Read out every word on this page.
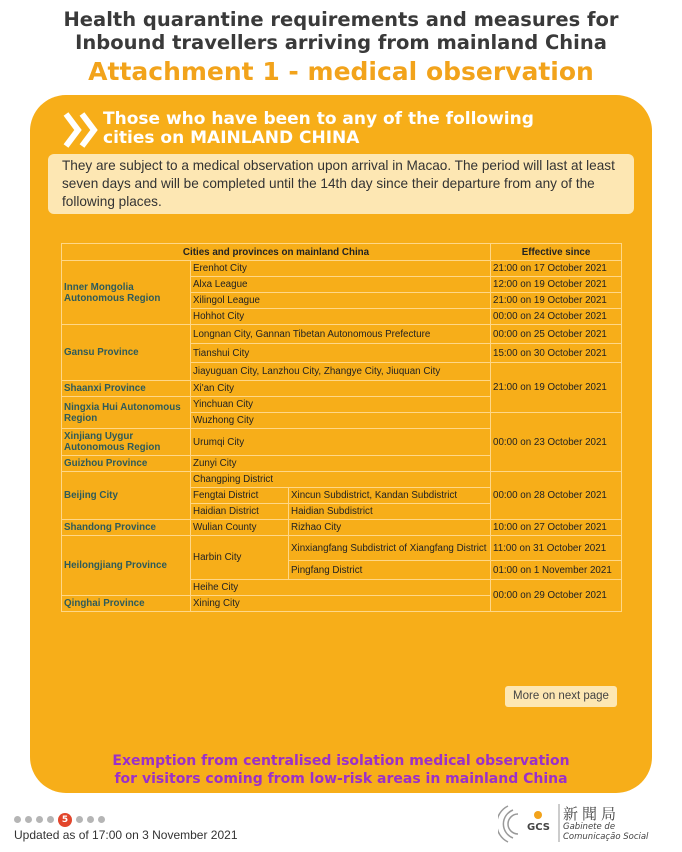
Health quarantine requirements and measures for
Inbound travellers arriving from mainland China
Attachment 1 - medical observation
Those who have been to any of the following
cities on MAINLAND CHINA
They are subject to a medical observation upon arrival in Macao. The period will last at least seven days and will be completed until the 14th day since their departure from any of the following places.
Cities and provinces on mainland China			Effective since
Inner Mongolia Autonomous Region	Erenhot City		21:00 on 17 October 2021
	Alxa League		12:00 on 19 October 2021
	Xilingol League		21:00 on 19 October 2021
	Hohhot City		00:00 on 24 October 2021
Gansu Province	Longnan City, Gannan Tibetan Autonomous Prefecture		00:00 on 25 October 2021
	Tianshui City		15:00 on 30 October 2021
	Jiayuguan City, Lanzhou City, Zhangye City, Jiuquan City		21:00 on 19 October 2021
Shaanxi Province	Xi'an City		
Ningxia Hui Autonomous Region	Yinchuan City		
	Wuzhong City		00:00 on 23 October 2021
Xinjiang Uygur Autonomous Region	Urumqi City		
Guizhou Province	Zunyi City		
Beijing City	Changping District		00:00 on 28 October 2021
	Fengtai District	Xincun Subdistrict, Kandan Subdistrict	
	Haidian District	Haidian Subdistrict	
Shandong Province	Wulian County	Rizhao City	10:00 on 27 October 2021
Heilongjiang Province	Harbin City	Xinxiangfang Subdistrict of Xiangfang District	11:00 on 31 October 2021
		Pingfang District	01:00 on 1 November 2021
	Heihe City		00:00 on 29 October 2021
Qinghai Province	Xining City		
More on next page
Exemption from centralised isolation medical observation
for visitors coming from low-risk areas in mainland China
5
Updated as of 17:00 on 3 November 2021
GCS
新聞局
Gabinete de
Comunicação Social
